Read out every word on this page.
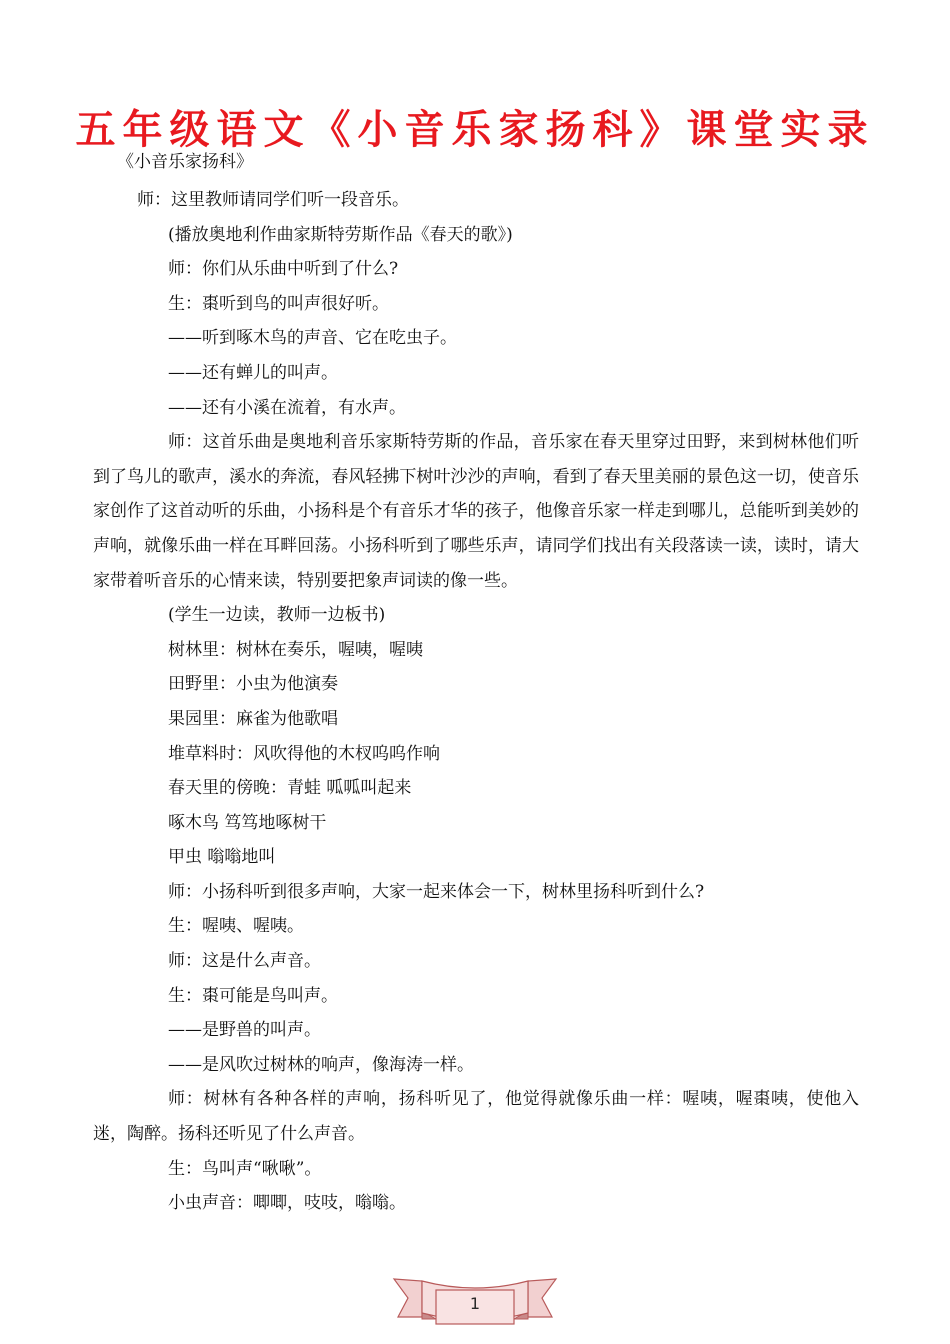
五年级语文《小音乐家扬科》课堂实录
《小音乐家扬科》

师：这里教师请同学们听一段音乐。

(播放奥地利作曲家斯特劳斯作品《春天的歌》)

师：你们从乐曲中听到了什么?

生：棗听到鸟的叫声很好听。

——听到啄木鸟的声音、它在吃虫子。

——还有蝉儿的叫声。

——还有小溪在流着，有水声。

师：这首乐曲是奥地利音乐家斯特劳斯的作品，音乐家在春天里穿过田野，来到树林他们听到了鸟儿的歌声，溪水的奔流，春风轻拂下树叶沙沙的声响，看到了春天里美丽的景色这一切，使音乐家创作了这首动听的乐曲，小扬科是个有音乐才华的孩子，他像音乐家一样走到哪儿，总能听到美妙的声响，就像乐曲一样在耳畔回荡。小扬科听到了哪些乐声，请同学们找出有关段落读一读，读时，请大家带着听音乐的心情来读，特别要把象声词读的像一些。

(学生一边读，教师一边板书)

树林里：树林在奏乐，喔咦，喔咦

田野里：小虫为他演奏

果园里：麻雀为他歌唱

堆草料时：风吹得他的木杈呜呜作响

春天里的傍晚：青蛙 呱呱叫起来

啄木鸟 笃笃地啄树干

甲虫 嗡嗡地叫

师：小扬科听到很多声响，大家一起来体会一下，树林里扬科听到什么?

生：喔咦、喔咦。

师：这是什么声音。

生：棗可能是鸟叫声。

——是野兽的叫声。

——是风吹过树林的响声，像海涛一样。

师：树林有各种各样的声响，扬科听见了，他觉得就像乐曲一样：喔咦，喔棗咦，使他入迷，陶醉。扬科还听见了什么声音。

生：鸟叫声“啾啾”。

小虫声音：唧唧，吱吱，嗡嗡。

1
